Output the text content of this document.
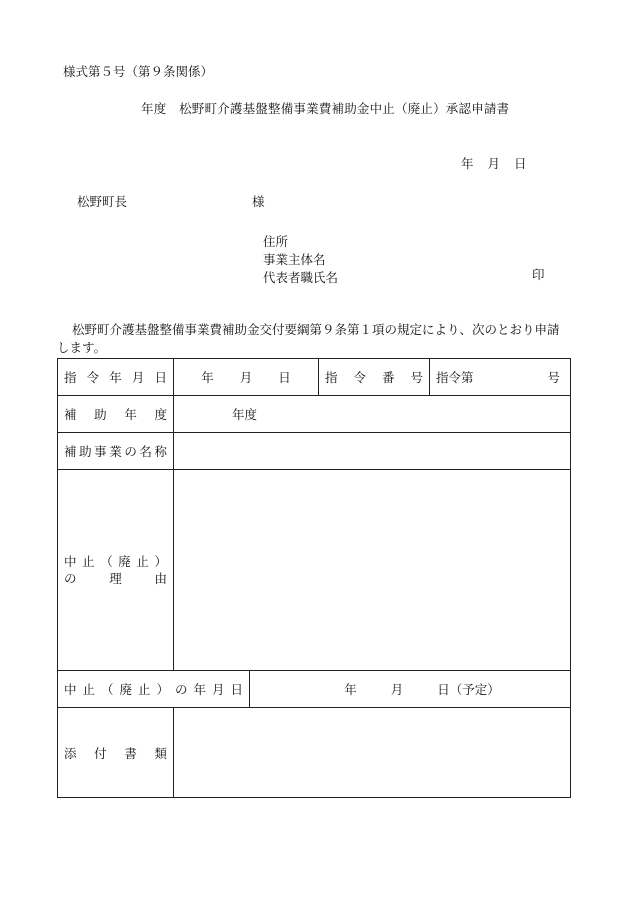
様式第５号（第９条関係）
年度　松野町介護基盤整備事業費補助金中止（廃止）承認申請書
年 月 日
松野町長	様
住所
事業主体名
代表者職氏名	印
松野町介護基盤整備事業費補助金交付要綱第９条第１項の規定により、次のとおり申請します。
指令年月日	年 月 日		指令番号	指令第 号

補助年度	年度			
補助事業の名称				

中止（廃止）
の理由				

中止（廃止）の年月日		年 月 日（予定）		
添付書類				
